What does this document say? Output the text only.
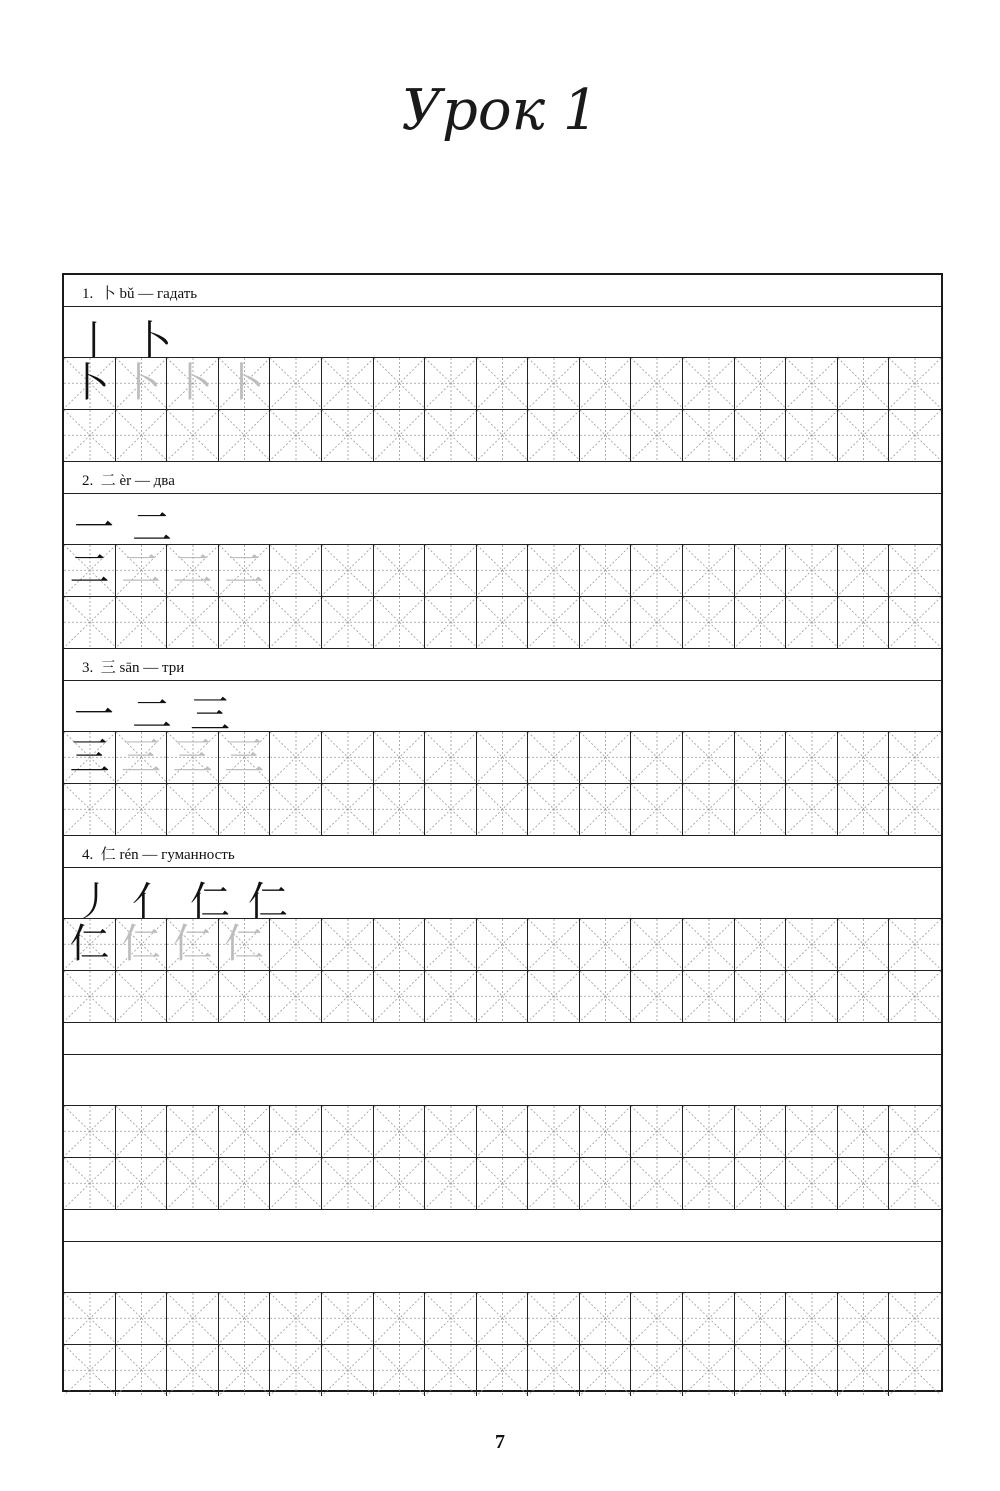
Урок 1
1. 卜 bǔ — гадать
丨 卜
卜 卜 卜 卜
2. 二 èr — два
一 二
二 二 二 二
3. 三 sān — три
一 二 三
三 三 三 三
4. 仁 rén — гуманность
丿 亻 仁 仁
仁 仁 仁 仁
7
